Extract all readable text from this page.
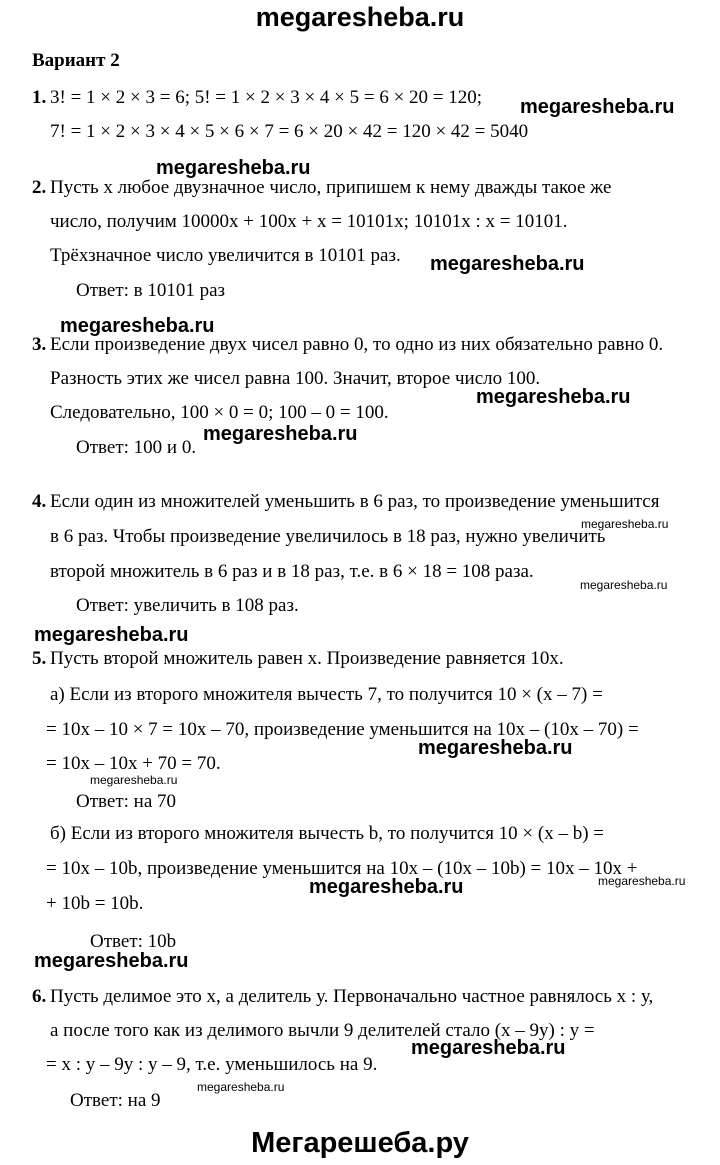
megaresheba.ru
Вариант 2
1. 3! = 1 × 2 × 3 = 6; 5! = 1 × 2 × 3 × 4 × 5 = 6 × 20 = 120;
7! = 1 × 2 × 3 × 4 × 5 × 6 × 7 = 6 × 20 × 42 = 120 × 42 = 5040
2. Пусть х любое двузначное число, припишем к нему дважды такое же
число, получим 10000х + 100х + х = 10101х; 10101х : х = 10101.
Трёхзначное число увеличится в 10101 раз.
Ответ: в 10101 раз
3. Если произведение двух чисел равно 0, то одно из них обязательно равно 0.
Разность этих же чисел равна 100. Значит, второе число 100.
Следовательно, 100 × 0 = 0; 100 – 0 = 100.
Ответ: 100 и 0.
4. Если один из множителей уменьшить в 6 раз, то произведение уменьшится
в 6 раз. Чтобы произведение увеличилось в 18 раз, нужно увеличить
второй множитель в 6 раз и в 18 раз, т.е. в 6 × 18 = 108 раза.
Ответ: увеличить в 108 раз.
5. Пусть второй множитель равен х. Произведение равняется 10х.
а) Если из второго множителя вычесть 7, то получится 10 × (х – 7) =
= 10х – 10 × 7 = 10х – 70, произведение уменьшится на 10х – (10х – 70) =
= 10х – 10х + 70 = 70.
Ответ: на 70
б) Если из второго множителя вычесть b, то получится 10 × (х – b) =
= 10х – 10b, произведение уменьшится на 10х – (10х – 10b) = 10х – 10х +
+ 10b = 10b.
Ответ: 10b
6. Пусть делимое это х, а делитель у. Первоначально частное равнялось х : у,
а после того как из делимого вычли 9 делителей стало (х – 9у) : у =
= х : у – 9у : у – 9, т.е. уменьшилось на 9.
Ответ: на 9
megaresheba.ru
megaresheba.ru
megaresheba.ru
megaresheba.ru
megaresheba.ru
megaresheba.ru
megaresheba.ru
megaresheba.ru
megaresheba.ru
megaresheba.ru
megaresheba.ru
megaresheba.ru
megaresheba.ru
megaresheba.ru
megaresheba.ru
megaresheba.ru
Мегарешеба.ру
